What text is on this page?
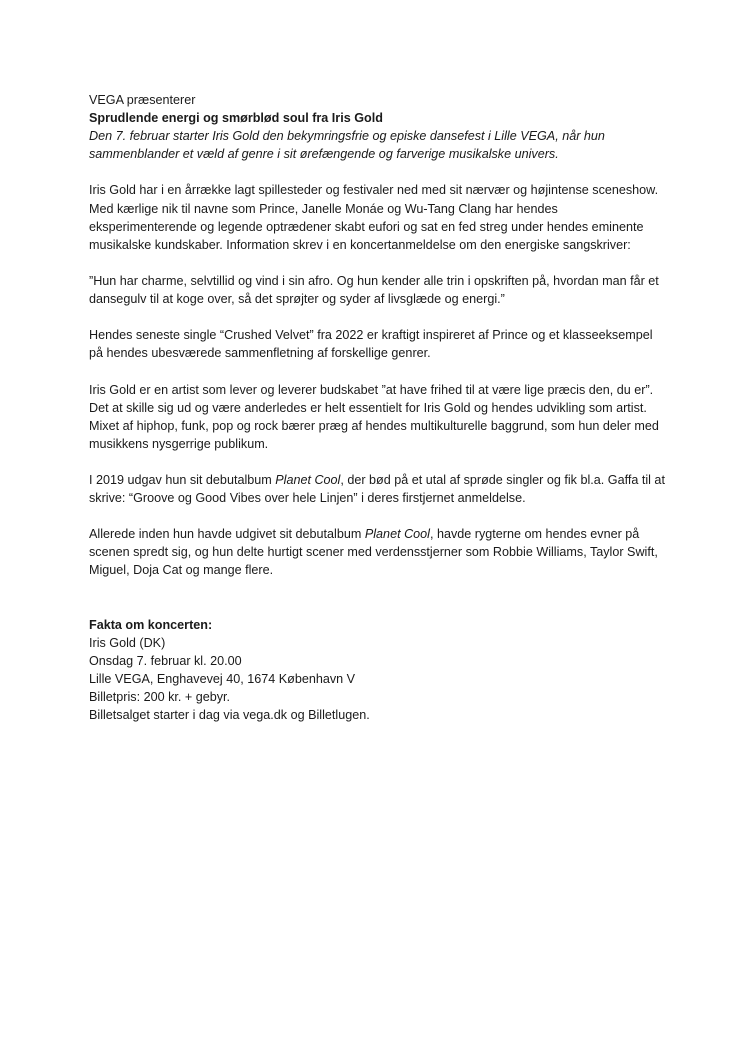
VEGA præsenterer

Sprudlende energi og smørblød soul fra Iris Gold

Den 7. februar starter Iris Gold den bekymringsfrie og episke dansefest i Lille VEGA, når hun sammenblander et væld af genre i sit ørefængende og farverige musikalske univers.

Iris Gold har i en årrække lagt spillesteder og festivaler ned med sit nærvær og højintense sceneshow. Med kærlige nik til navne som Prince, Janelle Monáe og Wu-Tang Clang har hendes eksperimenterende og legende optrædener skabt eufori og sat en fed streg under hendes eminente musikalske kundskaber. Information skrev i en koncertanmeldelse om den energiske sangskriver:

”Hun har charme, selvtillid og vind i sin afro. Og hun kender alle trin i opskriften på, hvordan man får et dansegulv til at koge over, så det sprøjter og syder af livsglæde og energi.”

Hendes seneste single “Crushed Velvet” fra 2022 er kraftigt inspireret af Prince og et klasseeksempel på hendes ubesværede sammenfletning af forskellige genrer.

Iris Gold er en artist som lever og leverer budskabet ”at have frihed til at være lige præcis den, du er”. Det at skille sig ud og være anderledes er helt essentielt for Iris Gold og hendes udvikling som artist. Mixet af hiphop, funk, pop og rock bærer præg af hendes multikulturelle baggrund, som hun deler med musikkens nysgerrige publikum.

I 2019 udgav hun sit debutalbum Planet Cool, der bød på et utal af sprøde singler og fik bl.a. Gaffa til at skrive: “Groove og Good Vibes over hele Linjen” i deres firstjernet anmeldelse.

Allerede inden hun havde udgivet sit debutalbum Planet Cool, havde rygterne om hendes evner på scenen spredt sig, og hun delte hurtigt scener med verdensstjerner som Robbie Williams, Taylor Swift, Miguel, Doja Cat og mange flere.

Fakta om koncerten:

Iris Gold (DK)

Onsdag 7. februar kl. 20.00

Lille VEGA, Enghavevej 40, 1674 København V

Billetpris: 200 kr. + gebyr.

Billetsalget starter i dag via vega.dk og Billetlugen.
